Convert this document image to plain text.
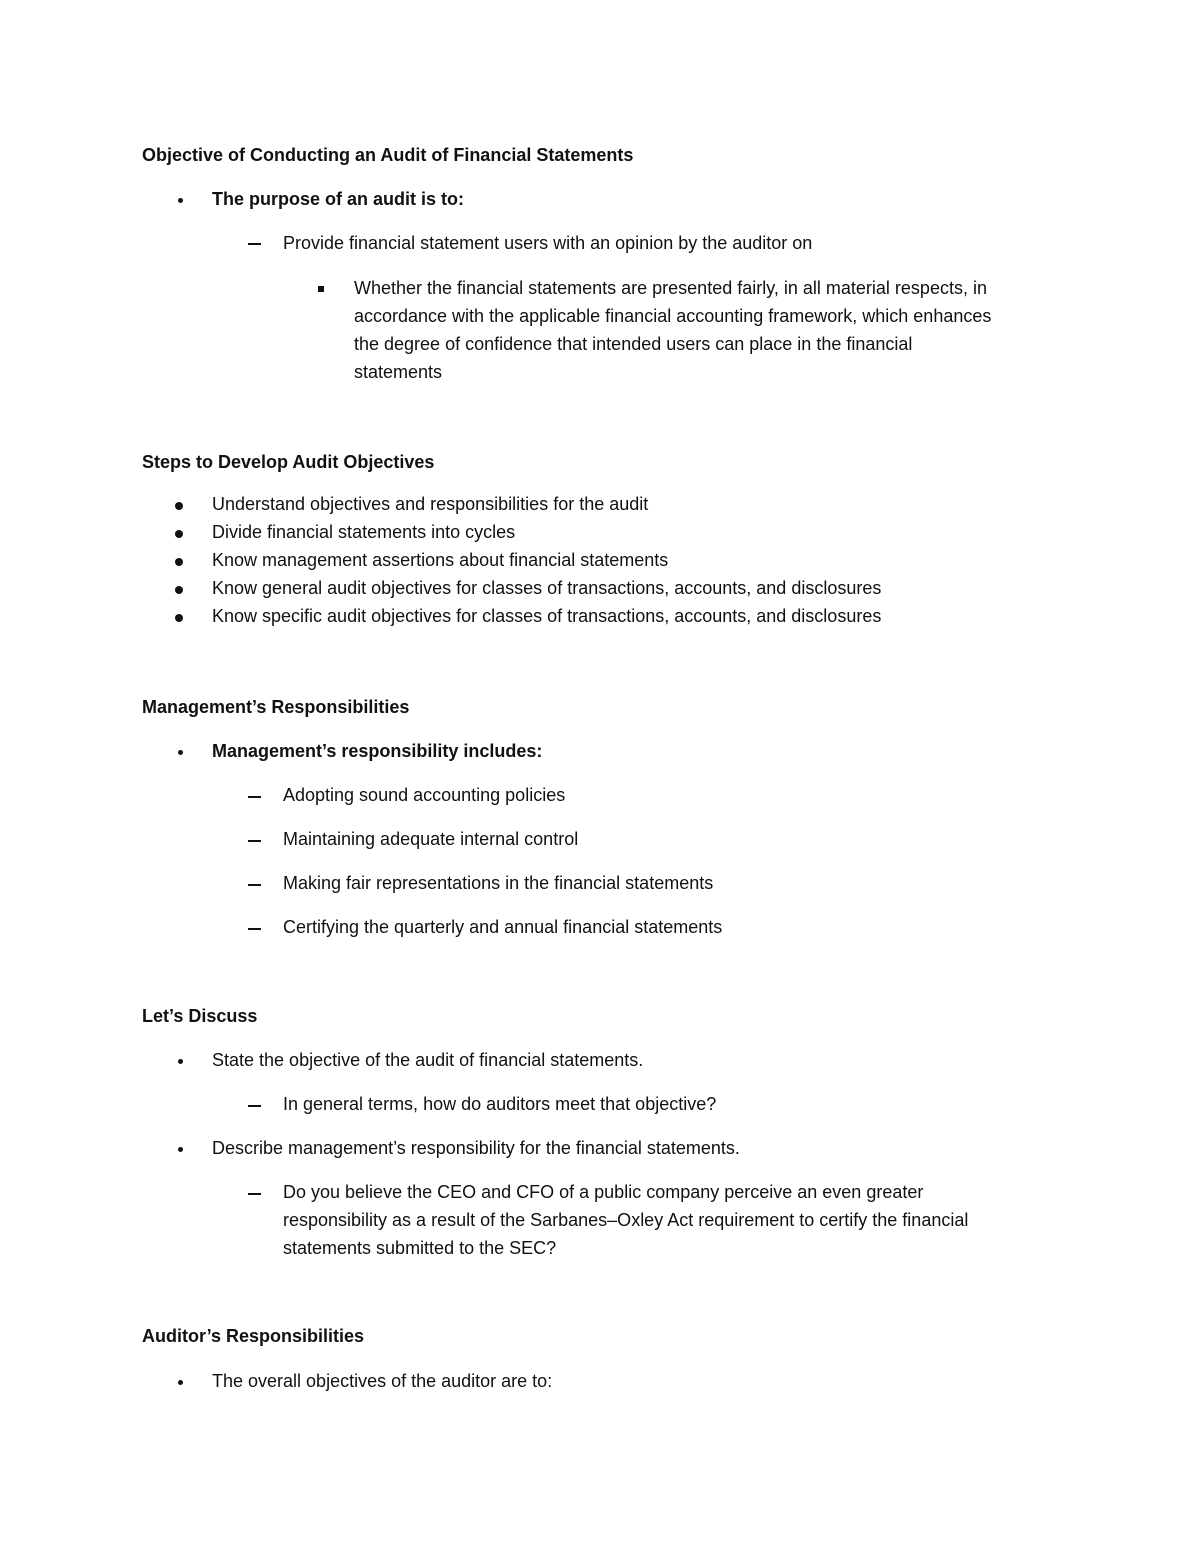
Objective of Conducting an Audit of Financial Statements
The purpose of an audit is to:
Provide financial statement users with an opinion by the auditor on
Whether the financial statements are presented fairly, in all material respects, in
accordance with the applicable financial accounting framework, which enhances
the degree of confidence that intended users can place in the financial
statements
Steps to Develop Audit Objectives
Understand objectives and responsibilities for the audit
Divide financial statements into cycles
Know management assertions about financial statements
Know general audit objectives for classes of transactions, accounts, and disclosures
Know specific audit objectives for classes of transactions, accounts, and disclosures
Management’s Responsibilities
Management’s responsibility includes:
Adopting sound accounting policies
Maintaining adequate internal control
Making fair representations in the financial statements
Certifying the quarterly and annual financial statements
Let’s Discuss
State the objective of the audit of financial statements.
In general terms, how do auditors meet that objective?
Describe management’s responsibility for the financial statements.
Do you believe the CEO and CFO of a public company perceive an even greater
responsibility as a result of the Sarbanes–Oxley Act requirement to certify the financial
statements submitted to the SEC?
Auditor’s Responsibilities
The overall objectives of the auditor are to:
